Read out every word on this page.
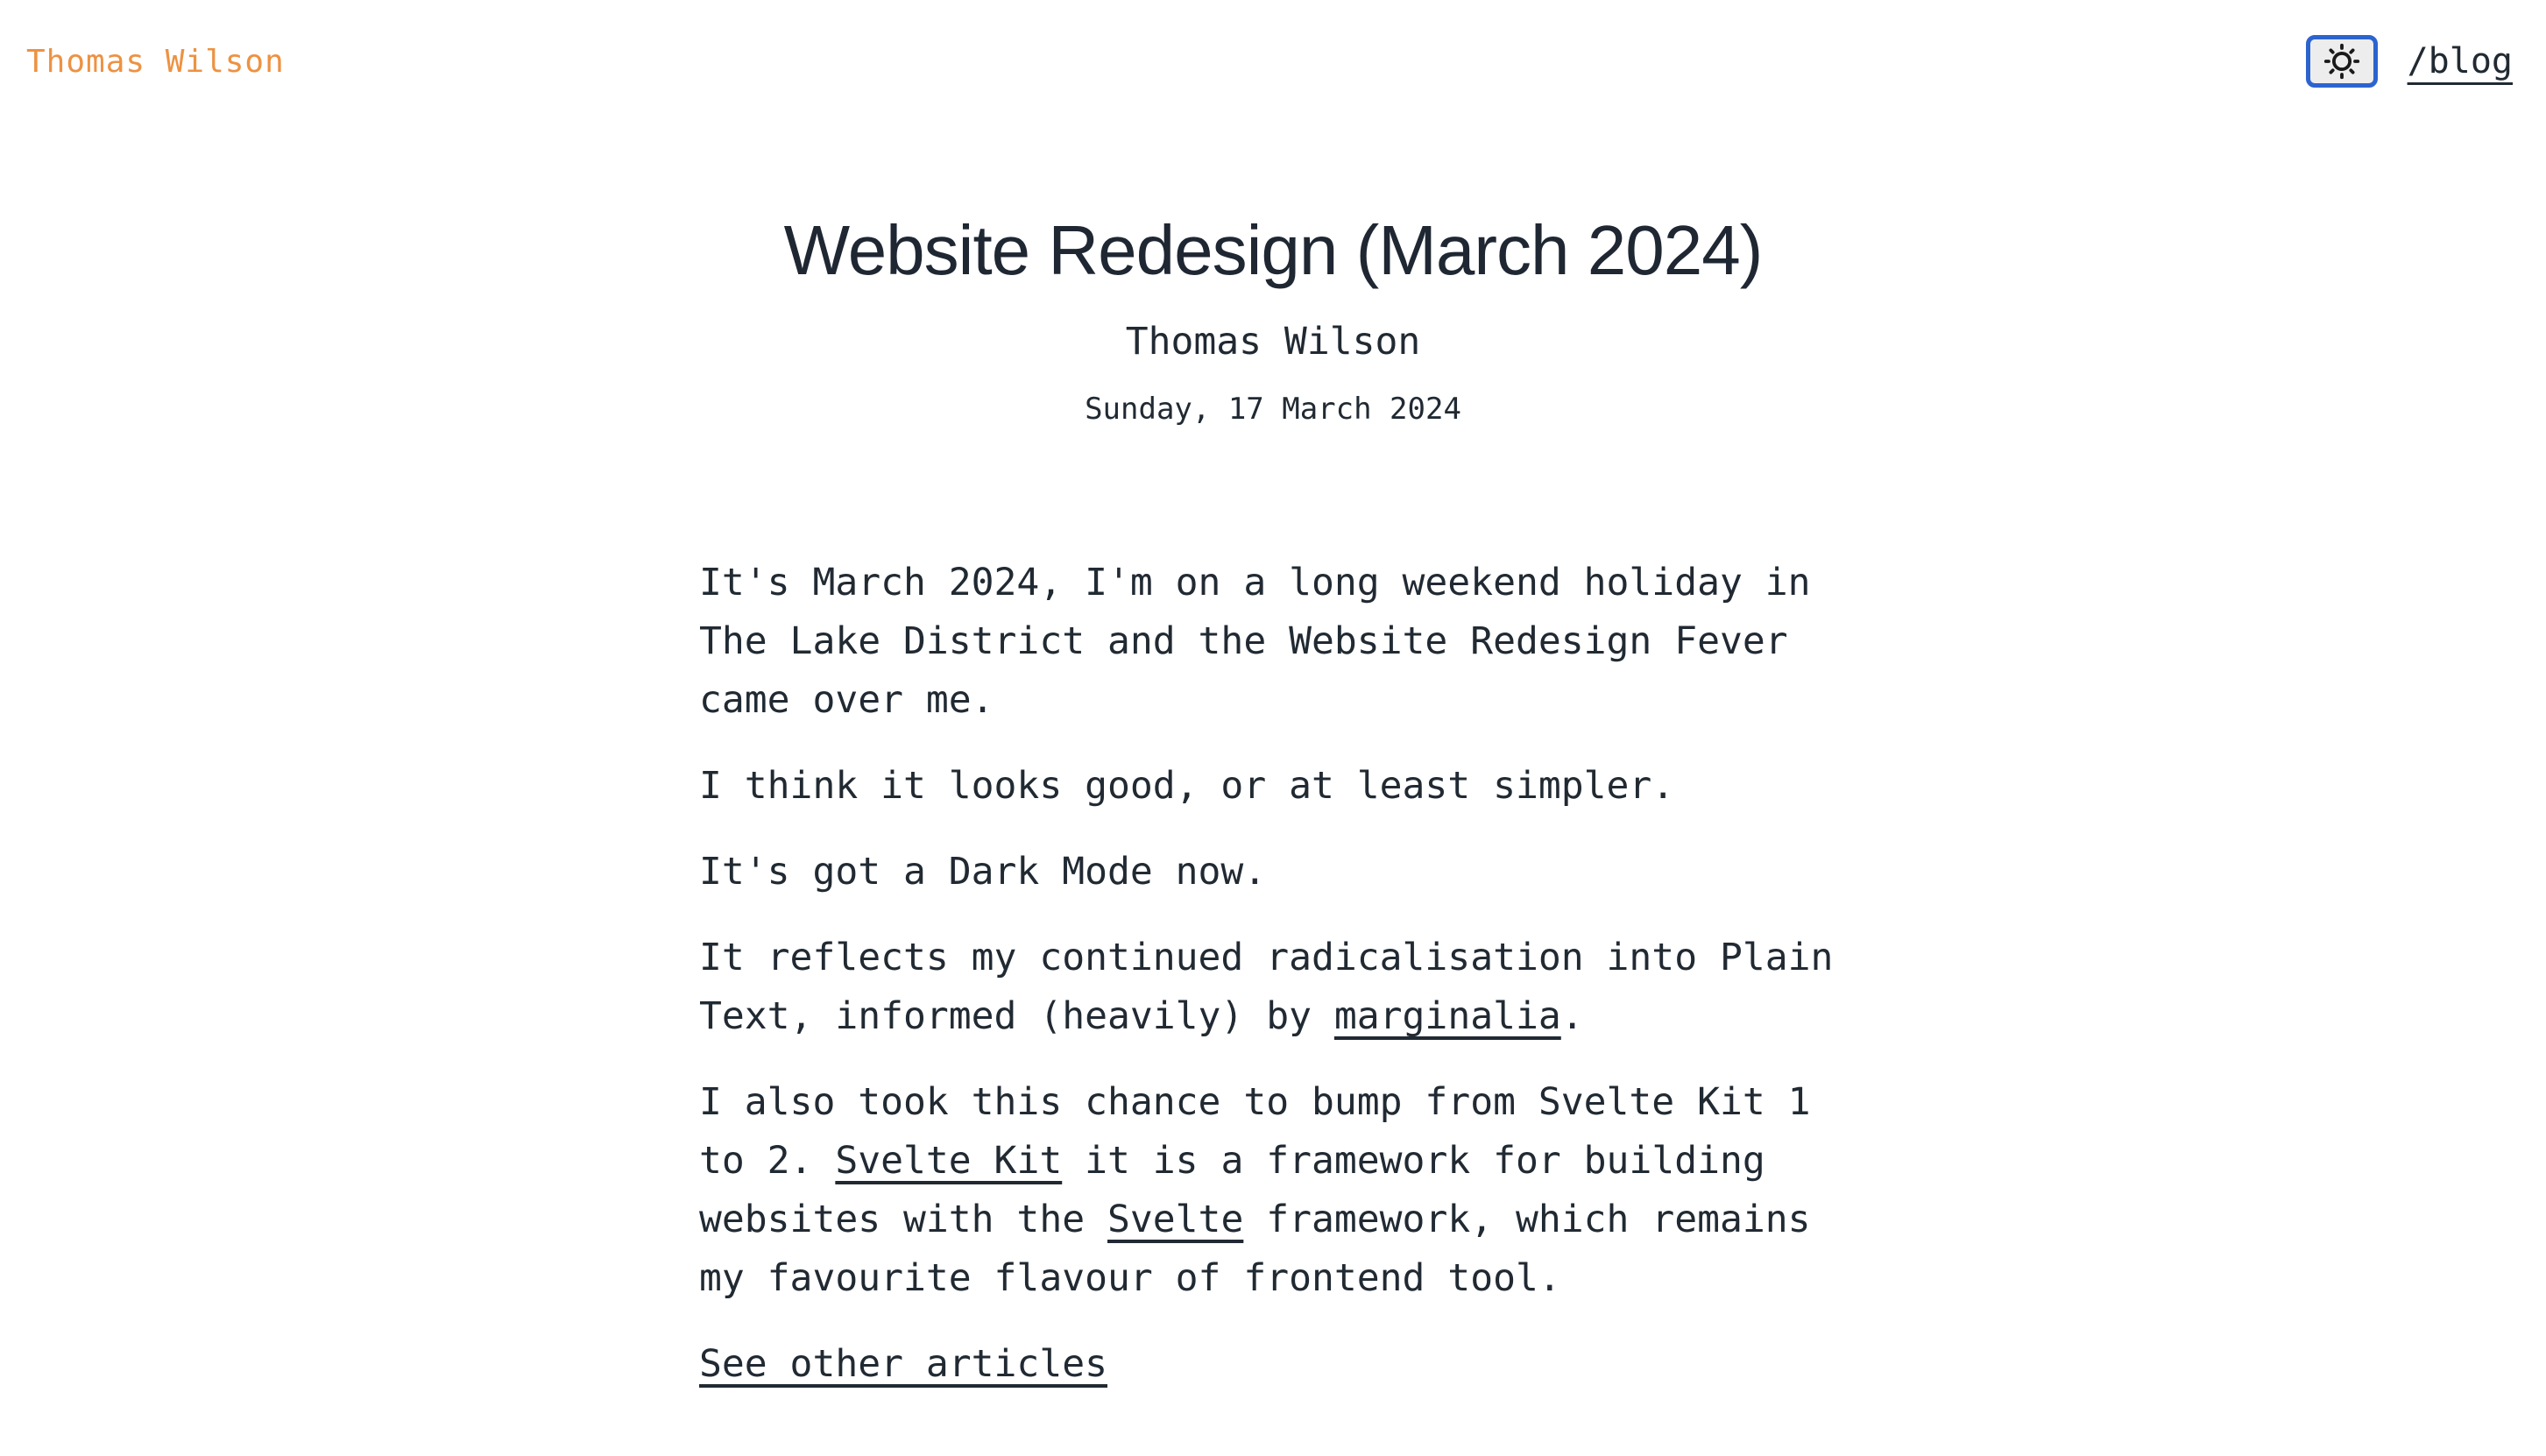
Thomas Wilson	/blog
Website Redesign (March 2024)

Thomas Wilson

Sunday, 17 March 2024

It's March 2024, I'm on a long weekend holiday in The Lake District and the Website Redesign Fever came over me.

I think it looks good, or at least simpler.

It's got a Dark Mode now.

It reflects my continued radicalisation into Plain Text, informed (heavily) by marginalia.

I also took this chance to bump from Svelte Kit 1 to 2. Svelte Kit it is a framework for building websites with the Svelte framework, which remains my favourite flavour of frontend tool.

See other articles
